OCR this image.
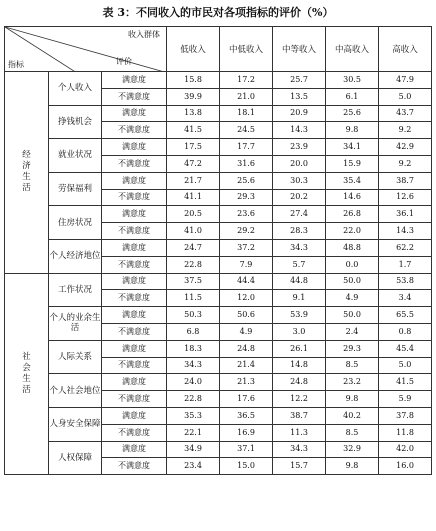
表 3：不同收入的市民对各项指标的评价（%）
收入群体
评价
指标			低收入	中低收入	中等收入	中高收入	高收入
经济生活	个人收入	满意度	15.8	17.2	25.7	30.5	47.9
		不满意度	39.9	21.0	13.5	6.1	5.0
	挣钱机会	满意度	13.8	18.1	20.9	25.6	43.7
		不满意度	41.5	24.5	14.3	9.8	9.2
	就业状况	满意度	17.5	17.7	23.9	34.1	42.9
		不满意度	47.2	31.6	20.0	15.9	9.2
	劳保福利	满意度	21.7	25.6	30.3	35.4	38.7
		不满意度	41.1	29.3	20.2	14.6	12.6
	住房状况	满意度	20.5	23.6	27.4	26.8	36.1
		不满意度	41.0	29.2	28.3	22.0	14.3
	个人经济地位	满意度	24.7	37.2	34.3	48.8	62.2
		不满意度	22.8	7.9	5.7	0.0	1.7
社会生活	工作状况	满意度	37.5	44.4	44.8	50.0	53.8
		不满意度	11.5	12.0	9.1	4.9	3.4
	个人的业余生活	满意度	50.3	50.6	53.9	50.0	65.5
		不满意度	6.8	4.9	3.0	2.4	0.8
	人际关系	满意度	18.3	24.8	26.1	29.3	45.4
		不满意度	34.3	21.4	14.8	8.5	5.0
	个人社会地位	满意度	24.0	21.3	24.8	23.2	41.5
		不满意度	22.8	17.6	12.2	9.8	5.9
	人身安全保障	满意度	35.3	36.5	38.7	40.2	37.8
		不满意度	22.1	16.9	11.3	8.5	11.8
	人权保障	满意度	34.9	37.1	34.3	32.9	42.0
		不满意度	23.4	15.0	15.7	9.8	16.0
